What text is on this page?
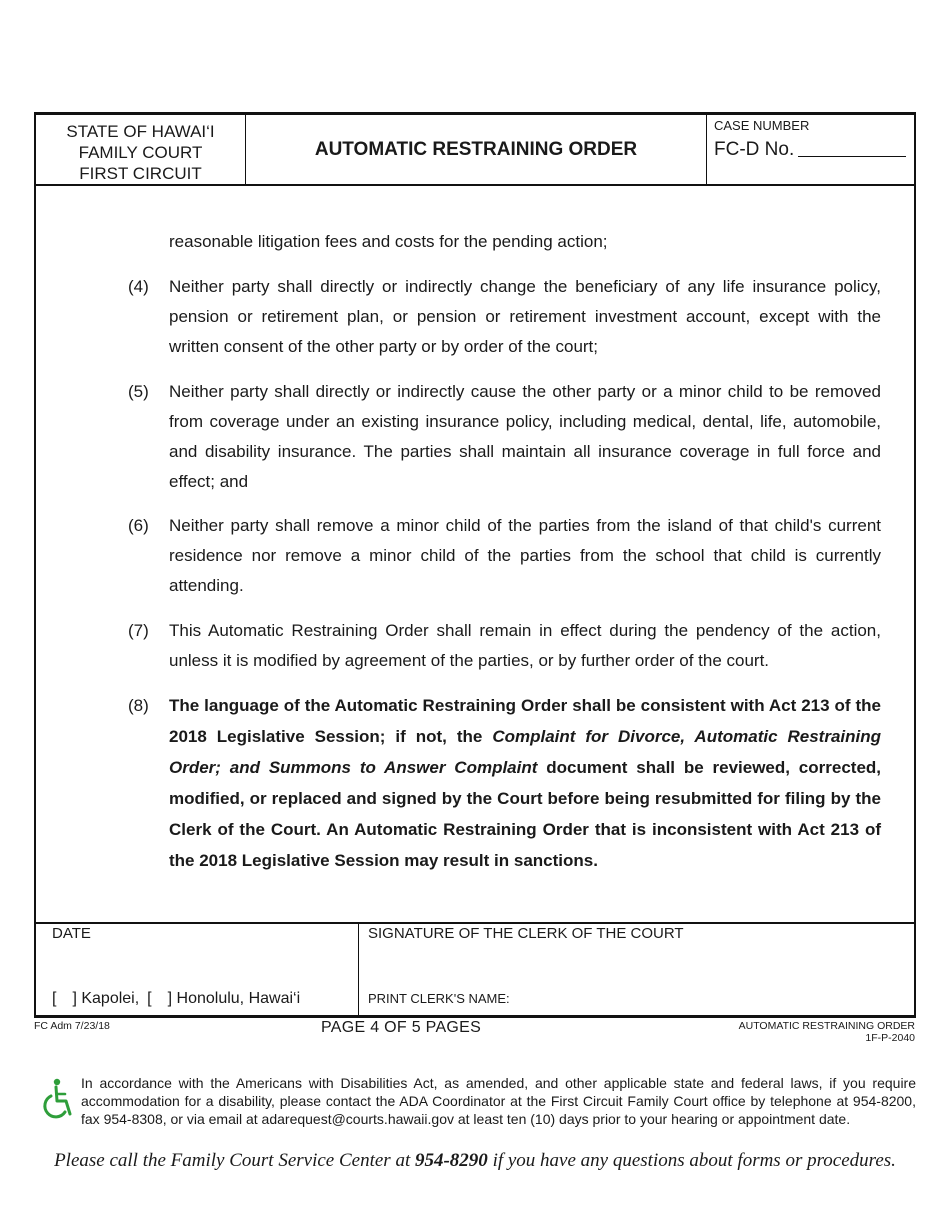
STATE OF HAWAI‘I
FAMILY COURT
FIRST CIRCUIT
AUTOMATIC RESTRAINING ORDER
CASE NUMBER
FC-D No.
reasonable litigation fees and costs for the pending action;
(4) Neither party shall directly or indirectly change the beneficiary of any life insurance policy, pension or retirement plan, or pension or retirement investment account, except with the written consent of the other party or by order of the court;
(5) Neither party shall directly or indirectly cause the other party or a minor child to be removed from coverage under an existing insurance policy, including medical, dental, life, automobile, and disability insurance. The parties shall maintain all insurance coverage in full force and effect; and
(6) Neither party shall remove a minor child of the parties from the island of that child's current residence nor remove a minor child of the parties from the school that child is currently attending.
(7) This Automatic Restraining Order shall remain in effect during the pendency of the action, unless it is modified by agreement of the parties, or by further order of the court.
(8) The language of the Automatic Restraining Order shall be consistent with Act 213 of the 2018 Legislative Session; if not, the Complaint for Divorce, Automatic Restraining Order; and Summons to Answer Complaint document shall be reviewed, corrected, modified, or replaced and signed by the Court before being resubmitted for filing by the Clerk of the Court. An Automatic Restraining Order that is inconsistent with Act 213 of the 2018 Legislative Session may result in sanctions.
DATE
[ ] Kapolei, [ ] Honolulu, Hawai‘i
SIGNATURE OF THE CLERK OF THE COURT
PRINT CLERK'S NAME:
FC Adm 7/23/18	PAGE 4 OF 5 PAGES	AUTOMATIC RESTRAINING ORDER
1F-P-2040
In accordance with the Americans with Disabilities Act, as amended, and other applicable state and federal laws, if you require accommodation for a disability, please contact the ADA Coordinator at the First Circuit Family Court office by telephone at 954-8200, fax 954-8308, or via email at adarequest@courts.hawaii.gov at least ten (10) days prior to your hearing or appointment date.
Please call the Family Court Service Center at 954-8290 if you have any questions about forms or procedures.
